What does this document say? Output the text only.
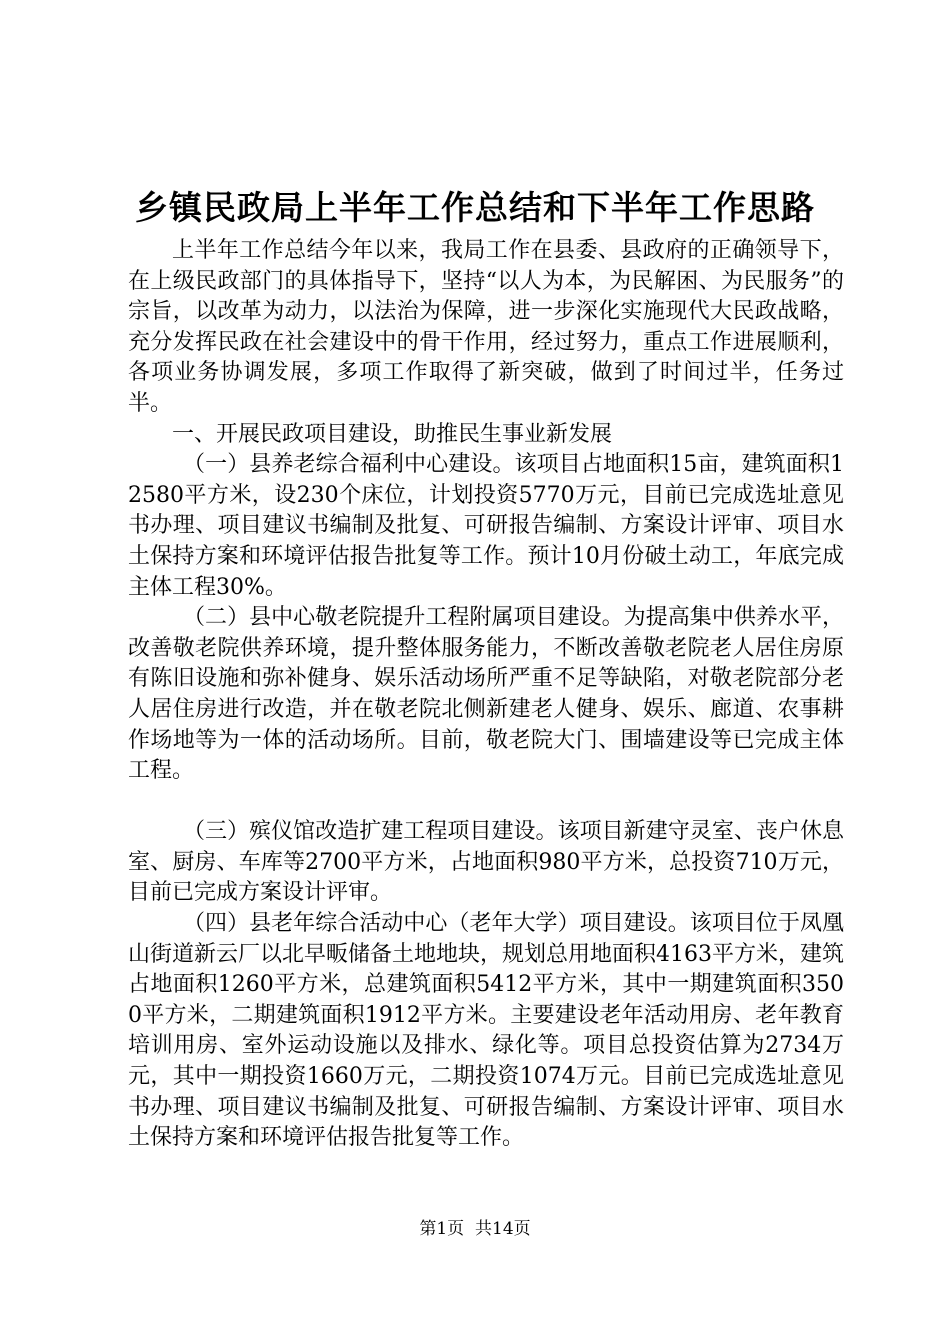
乡镇民政局上半年工作总结和下半年工作思路

上半年工作总结今年以来，我局工作在县委、县政府的正确领导下，在上级民政部门的具体指导下，坚持“以人为本，为民解困、为民服务”的宗旨，以改革为动力，以法治为保障，进一步深化实施现代大民政战略，充分发挥民政在社会建设中的骨干作用，经过努力，重点工作进展顺利，各项业务协调发展，多项工作取得了新突破，做到了时间过半，任务过半。

一、开展民政项目建设，助推民生事业新发展

（一）县养老综合福利中心建设。该项目占地面积15亩，建筑面积12580平方米，设230个床位，计划投资5770万元，目前已完成选址意见书办理、项目建议书编制及批复、可研报告编制、方案设计评审、项目水土保持方案和环境评估报告批复等工作。预计10月份破土动工，年底完成主体工程30%。

（二）县中心敬老院提升工程附属项目建设。为提高集中供养水平，改善敬老院供养环境，提升整体服务能力，不断改善敬老院老人居住房原有陈旧设施和弥补健身、娱乐活动场所严重不足等缺陷，对敬老院部分老人居住房进行改造，并在敬老院北侧新建老人健身、娱乐、廊道、农事耕作场地等为一体的活动场所。目前，敬老院大门、围墙建设等已完成主体工程。

（三）殡仪馆改造扩建工程项目建设。该项目新建守灵室、丧户休息室、厨房、车库等2700平方米，占地面积980平方米，总投资710万元，目前已完成方案设计评审。

（四）县老年综合活动中心（老年大学）项目建设。该项目位于凤凰山街道新云厂以北早畈储备土地地块，规划总用地面积4163平方米，建筑占地面积1260平方米，总建筑面积5412平方米，其中一期建筑面积3500平方米，二期建筑面积1912平方米。主要建设老年活动用房、老年教育培训用房、室外运动设施以及排水、绿化等。项目总投资估算为2734万元，其中一期投资1660万元，二期投资1074万元。目前已完成选址意见书办理、项目建议书编制及批复、可研报告编制、方案设计评审、项目水土保持方案和环境评估报告批复等工作。

第1页 共14页
